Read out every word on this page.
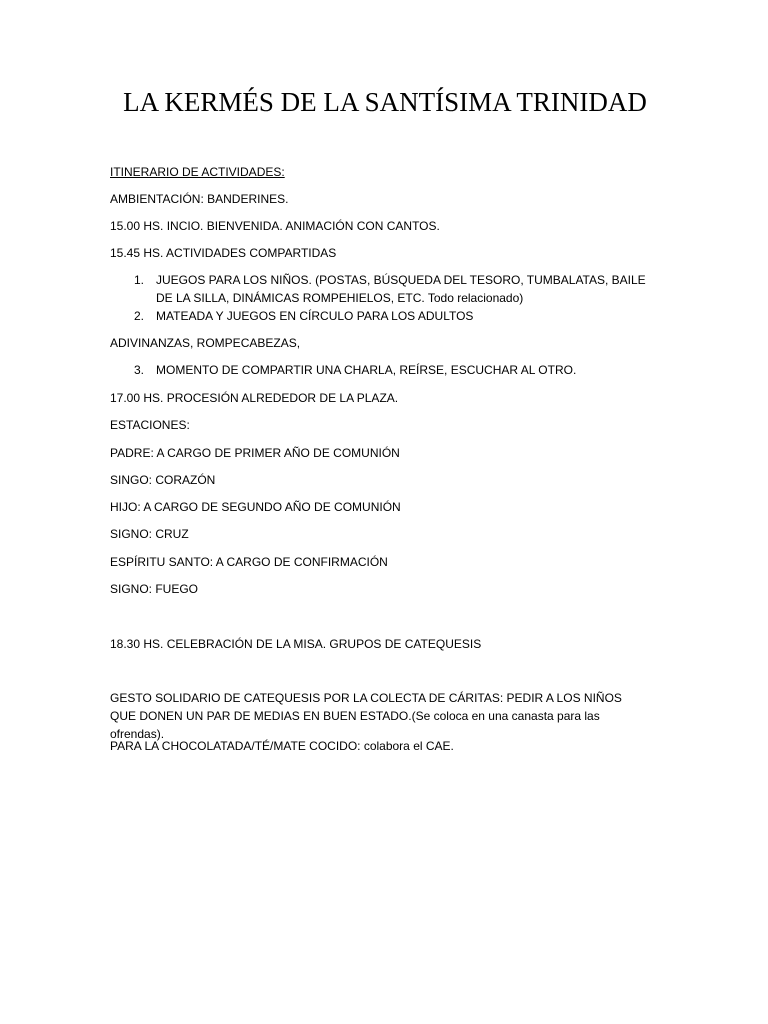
LA KERMÉS DE LA SANTÍSIMA TRINIDAD

ITINERARIO DE ACTIVIDADES:

AMBIENTACIÓN: BANDERINES.

15.00 HS. INCIO. BIENVENIDA. ANIMACIÓN CON CANTOS.

15.45 HS. ACTIVIDADES COMPARTIDAS

1. JUEGOS PARA LOS NIÑOS. (POSTAS, BÚSQUEDA DEL TESORO, TUMBALATAS, BAILE DE LA SILLA, DINÁMICAS ROMPEHIELOS, ETC. Todo relacionado)
2. MATEADA Y JUEGOS EN CÍRCULO PARA LOS ADULTOS

ADIVINANZAS, ROMPECABEZAS,

3. MOMENTO DE COMPARTIR UNA CHARLA, REÍRSE, ESCUCHAR AL OTRO.

17.00 HS. PROCESIÓN ALREDEDOR DE LA PLAZA.

ESTACIONES:

PADRE: A CARGO DE PRIMER AÑO DE COMUNIÓN

SINGO: CORAZÓN

HIJO: A CARGO DE SEGUNDO AÑO DE COMUNIÓN

SIGNO: CRUZ

ESPÍRITU SANTO: A CARGO DE CONFIRMACIÓN

SIGNO: FUEGO

18.30 HS. CELEBRACIÓN DE LA MISA. GRUPOS DE CATEQUESIS

GESTO SOLIDARIO DE CATEQUESIS POR LA COLECTA DE CÁRITAS: PEDIR A LOS NIÑOS QUE DONEN UN PAR DE MEDIAS EN BUEN ESTADO.(Se coloca en una canasta para las ofrendas).

PARA LA CHOCOLATADA/TÉ/MATE COCIDO: colabora el CAE.
